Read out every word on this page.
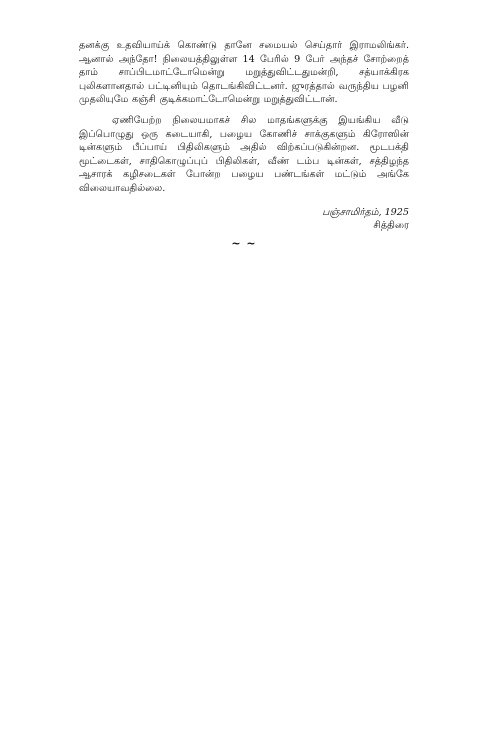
தனக்கு உதவியாய்க் கொண்டு தானே சமையல் செய்தார் இராமலிங்கர். ஆனால் அந்தோ! நிலையத்திலுள்ள 14 பேரில் 9 பேர் அந்தச் சோற்றைத் தாம் சாப்பிடமாட்டோமென்று மறுத்துவிட்டதுமன்றி, சத்யாக்கிரக புலிகளானதால் பட்டினியும் தொடங்கிவிட்டனர். ஜுரத்தால் வருந்திய பழனி முதலியுமே கஞ்சி குடிக்கமாட்டோமென்று மறுத்துவிட்டான்.

ஏணியேற்ற நிலையமாகச் சில மாதங்களுக்கு இயங்கிய வீடு இப்பொழுது ஒரு கடையாகி, பழைய கோணிச் சாக்குகளும் கிரோஸின் டின்களும் பீப்பாய் பிதிலிகளும் அதில் விற்கப்படுகின்றன. மூடபக்தி மூட்டைகள், சாதிகொழுப்புப் பிதிலிகள், வீண் டம்ப டின்கள், சத்திழந்த ஆசாரக் கழிசடைகள் போன்ற பழைய பண்டங்கள் மட்டும் அங்கே விலையாவதில்லை.

பஞ்சாமிர்தம், 1925
சித்திரை
~ ~
